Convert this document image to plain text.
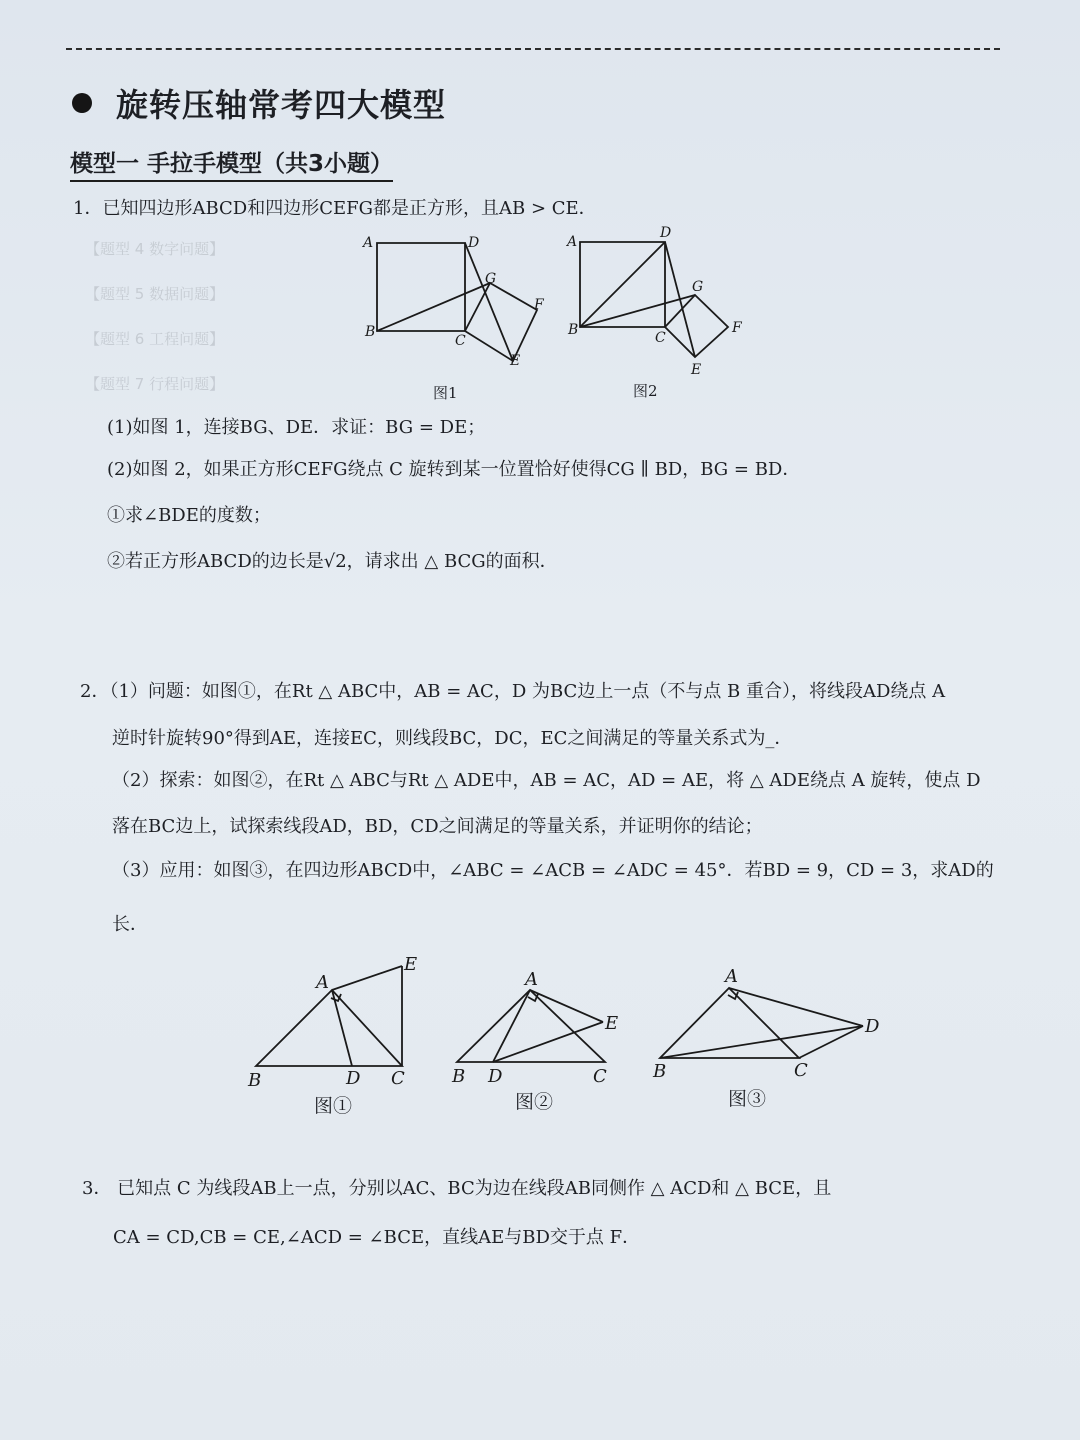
【题型 4 数字问题】
【题型 5 数据问题】
【题型 6 工程问题】
【题型 7 行程问题】
旋转压轴常考四大模型
模型一 手拉手模型（共3小题）
1．已知四边形ABCD和四边形CEFG都是正方形，且AB > CE．
A	D
G
F
B
C
E
图1
A
D
G
F
B	C
E
图2
(1)如图 1，连接BG、DE．求证：BG = DE；
(2)如图 2，如果正方形CEFG绕点 C 旋转到某一位置恰好使得CG ∥ BD，BG = BD．
①求∠BDE的度数；
②若正方形ABCD的边长是√2，请求出 △ BCG的面积．
2．（1）问题：如图①，在Rt △ ABC中，AB = AC，D 为BC边上一点（不与点 B 重合），将线段AD绕点 A
逆时针旋转90°得到AE，连接EC，则线段BC，DC，EC之间满足的等量关系式为_．
（2）探索：如图②，在Rt △ ABC与Rt △ ADE中，AB = AC，AD = AE，将 △ ADE绕点 A 旋转，使点 D
落在BC边上，试探索线段AD，BD，CD之间满足的等量关系，并证明你的结论；
（3）应用：如图③，在四边形ABCD中，∠ABC = ∠ACB = ∠ADC = 45°．若BD = 9，CD = 3，求AD的
长．
A
E
B	D C
图①
A
E
B D	C
图②
A
D
B	C
图③
3． 已知点 C 为线段AB上一点，分别以AC、BC为边在线段AB同侧作 △ ACD和 △ BCE，且
CA = CD,CB = CE,∠ACD = ∠BCE，直线AE与BD交于点 F．
